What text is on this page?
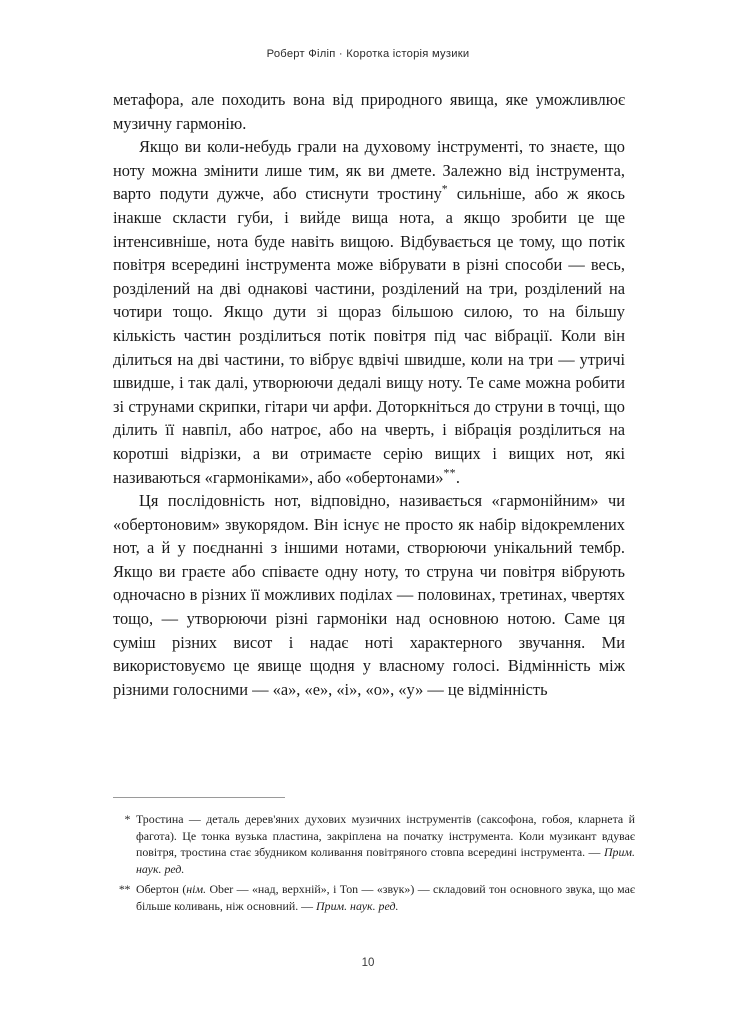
Роберт Філіп · Коротка історія музики

метафора, але походить вона від природного явища, яке уможливлює музичну гармонію.

Якщо ви коли-небудь грали на духовому інструменті, то знаєте, що ноту можна змінити лише тим, як ви дмете. Залежно від інструмента, варто подути дужче, або стиснути тростину* сильніше, або ж якось інакше скласти губи, і вийде вища нота, а якщо зробити це ще інтенсивніше, нота буде навіть вищою. Відбувається це тому, що потік повітря всередині інструмента може вібрувати в різні способи — весь, розділений на дві однакові частини, розділений на три, розділений на чотири тощо. Якщо дути зі щораз більшою силою, то на більшу кількість частин розділиться потік повітря під час вібрації. Коли він ділиться на дві частини, то вібрує вдвічі швидше, коли на три — утричі швидше, і так далі, утворюючи дедалі вищу ноту. Те саме можна робити зі струнами скрипки, гітари чи арфи. Доторкніться до струни в точці, що ділить її навпіл, або натроє, або на чверть, і вібрація розділиться на коротші відрізки, а ви отримаєте серію вищих і вищих нот, які називаються «гармоніками», або «обертонами»**.

Ця послідовність нот, відповідно, називається «гармонійним» чи «обертоновим» звукорядом. Він існує не просто як набір відокремлених нот, а й у поєднанні з іншими нотами, створюючи унікальний тембр. Якщо ви граєте або співаєте одну ноту, то струна чи повітря вібрують одночасно в різних її можливих поділах — половинах, третинах, чвертях тощо, — утворюючи різні гармоніки над основною нотою. Саме ця суміш різних висот і надає ноті характерного звучання. Ми використовуємо це явище щодня у власному голосі. Відмінність між різними голосними — «а», «е», «і», «о», «у» — це відмінність

* Тростина — деталь дерев'яних духових музичних інструментів (саксофона, гобоя, кларнета й фагота). Це тонка вузька пластина, закріплена на початку інструмента. Коли музикант вдуває повітря, тростина стає збудником коливання повітряного стовпа всередині інструмента. — Прим. наук. ред.

** Обертон (нім. Ober — «над, верхній», і Ton — «звук») — складовий тон основного звука, що має більше коливань, ніж основний. — Прим. наук. ред.

10
